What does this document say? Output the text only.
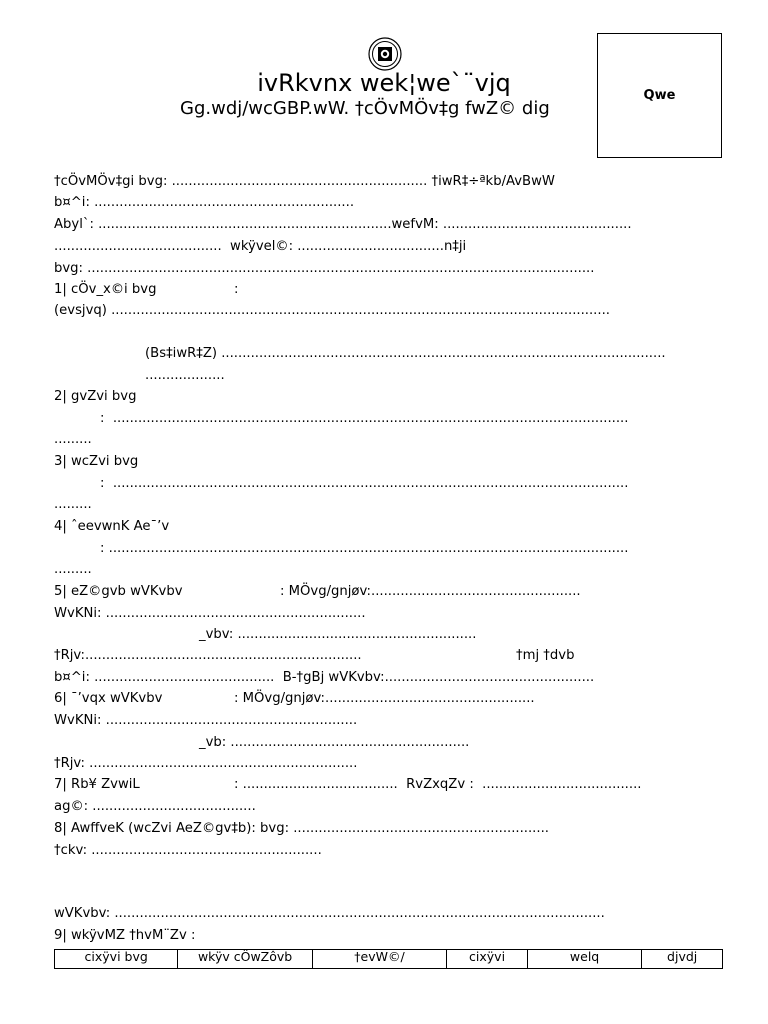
ivRkvnx wek¦we`¨vjq
Gg.wdj/wcGBP.wW. †cÖvMÖv‡g fwZ© dig
Qwe
†cÖvMÖv‡gi bvg: ............................................................. †iwR‡÷ªkb/AvBwW
b¤^i: ..............................................................
Abyl`: ......................................................................wefvM: .............................................
........................................  wkÿvel©: ...................................n‡ji
bvg: .........................................................................................................................
1| cÖv_x©i bvg	:
(evsjvq) .......................................................................................................................
(Bs‡iwR‡Z) ..........................................................................................................
...................
2| gvZvi bvg
:  ...........................................................................................................................
.........
3| wcZvi bvg
:  ...........................................................................................................................
.........
4| ˆeevwnK Ae¯’v
: ............................................................................................................................
.........
5| eZ©gvb wVKvbv	: MÖvg/gnjøv:..................................................
WvKNi: ..............................................................
_vbv: .........................................................
†Rjv:..................................................................	†mj †dvb
b¤^i: ...........................................  B-†gBj wVKvbv:..................................................
6| ¯’vqx wVKvbv	: MÖvg/gnjøv:..................................................
WvKNi: ............................................................
_vb: .........................................................
†Rjv: ................................................................
7| Rb¥ ZvwiL	: .....................................  RvZxqZv :  ......................................
ag©: .......................................
8| AwffveK (wcZvi AeZ©gv‡b): bvg: .............................................................
†ckv: .......................................................
wVKvbv: .....................................................................................................................
9| wkÿvMZ †hvM¨Zv :
cixÿvi bvg	wkÿv cÖwZôvb	†evW©/	cixÿvi	welq	djvdj
